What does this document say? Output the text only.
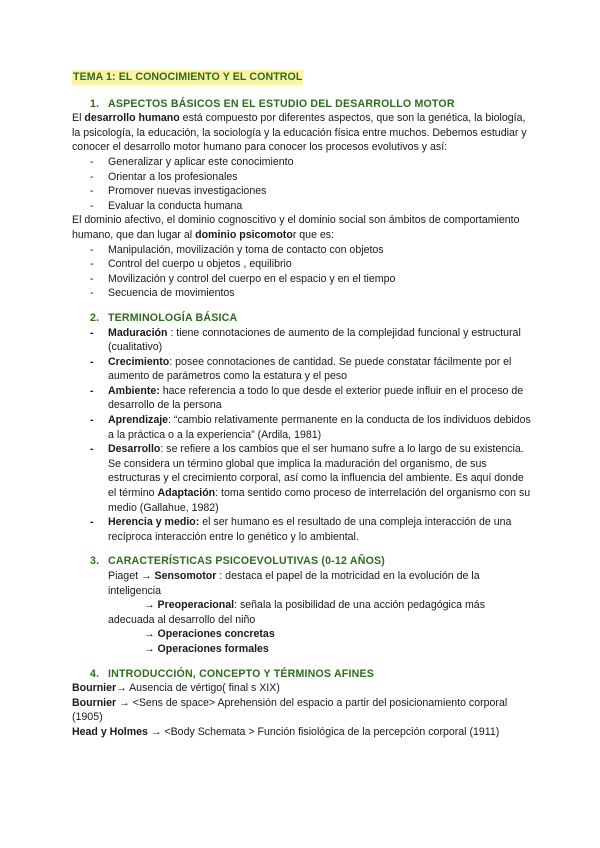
TEMA 1: EL CONOCIMIENTO Y EL CONTROL
1. ASPECTOS BÁSICOS EN EL ESTUDIO DEL DESARROLLO MOTOR

El desarrollo humano está compuesto por diferentes aspectos, que son la genética, la biología, la psicología, la educación, la sociología y la educación física entre muchos. Debemos estudiar y conocer el desarrollo motor humano para conocer los procesos evolutivos y así:

- Generalizar y aplicar este conocimiento
- Orientar a los profesionales
- Promover nuevas investigaciones
- Evaluar la conducta humana

El dominio afectivo, el dominio cognoscitivo y el dominio social son ámbitos de comportamiento humano, que dan lugar al dominio psicomotor que es:

- Manipulación, movilización y toma de contacto con objetos
- Control del cuerpo u objetos , equilibrio
- Movilización y control del cuerpo en el espacio y en el tiempo
- Secuencia de movimientos
2. TERMINOLOGÍA BÁSICA
- Maduración : tiene connotaciones de aumento de la complejidad funcional y estructural (cualitativo)
- Crecimiento: posee connotaciones de cantidad. Se puede constatar fácilmente por el aumento de parámetros como la estatura y el peso
- Ambiente: hace referencia a todo lo que desde el exterior puede influir en el proceso de desarrollo de la persona
- Aprendizaje: “cambio relativamente permanente en la conducta de los individuos debidos a la práctica o a la experiencia” (Ardila, 1981)
- Desarrollo: se refiere a los cambios que el ser humano sufre a lo largo de su existencia. Se considera un término global que implica la maduración del organismo, de sus estructuras y el crecimiento corporal, así como la influencia del ambiente. Es aquí donde el término Adaptación: toma sentido como proceso de interrelación del organismo con su medio (Gallahue, 1982)
- Herencia y medio: el ser humano es el resultado de una compleja interacción de una recíproca interacción entre lo genético y lo ambiental.
3. CARACTERÍSTICAS PSICOEVOLUTIVAS (0-12 AÑOS)

Piaget → Sensomotor : destaca el papel de la motricidad en la evolución de la inteligencia

→ Preoperacional: señala la posibilidad de una acción pedagógica más

adecuada al desarrollo del niño

→ Operaciones concretas

→ Operaciones formales

4. INTRODUCCIÓN, CONCEPTO Y TÉRMINOS AFINES

Bournier→ Ausencia de vértigo( final s XIX)

Bournier → <Sens de space> Aprehensión del espacio a partir del posicionamiento corporal (1905)

Head y Holmes → <Body Schemata > Función fisiológica de la percepción corporal (1911)
